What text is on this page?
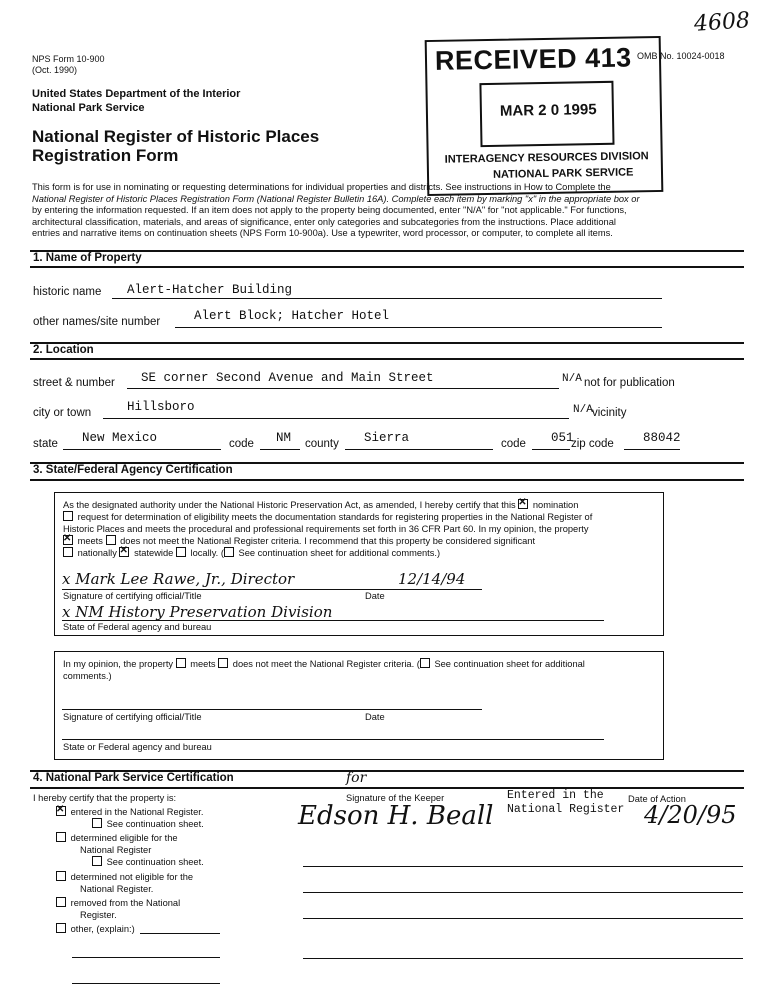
NPS Form 10-900
(Oct. 1990)
OMB No. 10024-0018
4608
United States Department of the Interior
National Park Service
National Register of Historic Places
Registration Form
RECEIVED 413
MAR 2 0 1995
INTERAGENCY RESOURCES DIVISION
NATIONAL PARK SERVICE
This form is for use in nominating or requesting determinations for individual properties and districts. See instructions in How to Complete the
National Register of Historic Places Registration Form (National Register Bulletin 16A). Complete each item by marking "x" in the appropriate box or
by entering the information requested. If an item does not apply to the property being documented, enter "N/A" for "not applicable." For functions,
architectural classification, materials, and areas of significance, enter only categories and subcategories from the instructions. Place additional
entries and narrative items on continuation sheets (NPS Form 10-900a). Use a typewriter, word processor, or computer, to complete all items.
1. Name of Property
historic name Alert-Hatcher Building
other names/site number	Alert Block; Hatcher Hotel
2. Location
street & number SE corner Second Avenue and Main Street	N/A not for publication
city or town	Hillsboro	N/A vicinity
state New Mexico	code NM county Sierra	code 051
zip code 88042
3. State/Federal Agency Certification
As the designated authority under the National Historic Preservation Act, as amended, I hereby certify that this ✕ nomination
request for determination of eligibility meets the documentation standards for registering properties in the National Register of
Historic Places and meets the procedural and professional requirements set forth in 36 CFR Part 60. In my opinion, the property
✕ meets does not meet the National Register criteria. I recommend that this property be considered significant
nationally ✕ statewide locally. ( See continuation sheet for additional comments.)
x Mark Lee Rawe, Jr., Director	12/14/94
Signature of certifying official/Title	Date
x NM History Preservation Division
State of Federal agency and bureau
In my opinion, the property meets does not meet the National Register criteria. ( See continuation sheet for additional
comments.)
Signature of certifying official/Title	Date
State or Federal agency and bureau
4. National Park Service Certification
I hereby certify that the property is:
✕ entered in the National Register.
See continuation sheet.
determined eligible for the
National Register
See continuation sheet.
determined not eligible for the
National Register.
removed from the National
Register.
other, (explain:)
Signature of the Keeper	Date of Action
for
Edson H. Beall
Entered in the
National Register 4/20/95
